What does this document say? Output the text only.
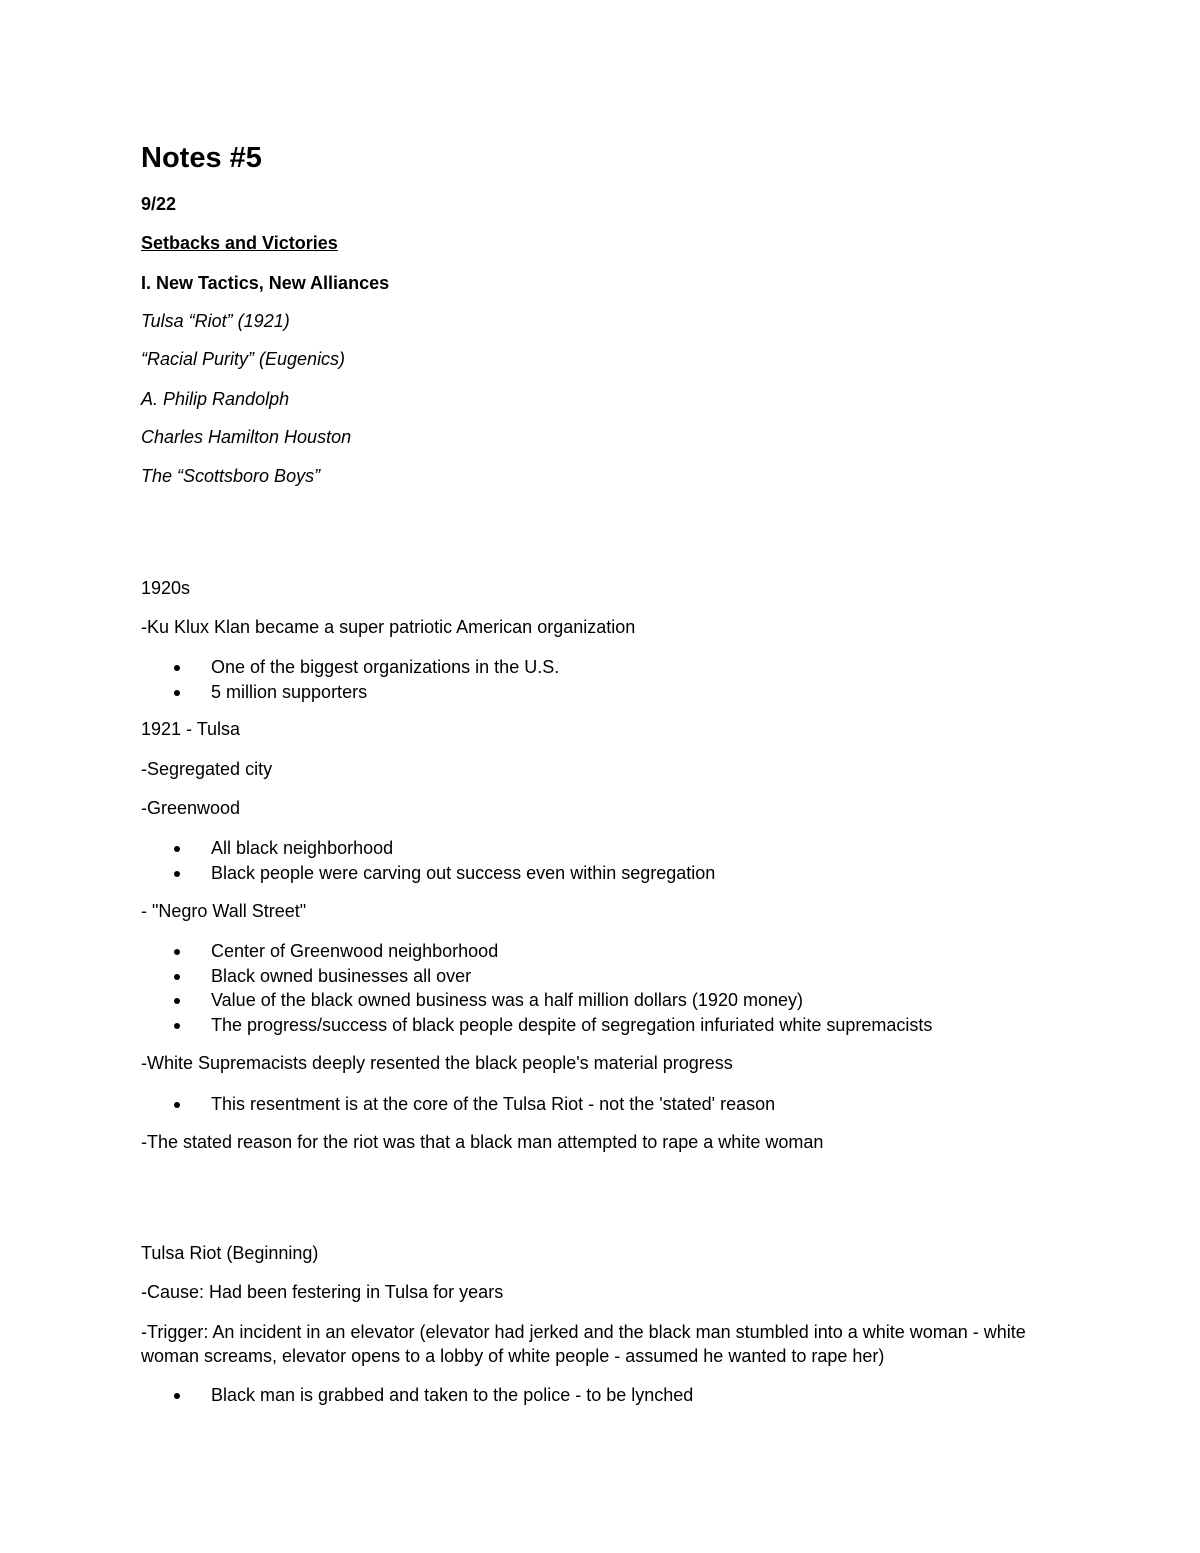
Notes #5
9/22
Setbacks and Victories
I. New Tactics, New Alliances
Tulsa “Riot” (1921)
“Racial Purity” (Eugenics)
A. Philip Randolph
Charles Hamilton Houston
The “Scottsboro Boys”
1920s
-Ku Klux Klan became a super patriotic American organization
One of the biggest organizations in the U.S.
5 million supporters
1921 - Tulsa
-Segregated city
-Greenwood
All black neighborhood
Black people were carving out success even within segregation
- "Negro Wall Street"
Center of Greenwood neighborhood
Black owned businesses all over
Value of the black owned business was a half million dollars (1920 money)
The progress/success of black people despite of segregation infuriated white supremacists
-White Supremacists deeply resented the black people's material progress
This resentment is at the core of the Tulsa Riot - not the 'stated' reason
-The stated reason for the riot was that a black man attempted to rape a white woman
Tulsa Riot (Beginning)
-Cause: Had been festering in Tulsa for years
-Trigger: An incident in an elevator (elevator had jerked and the black man stumbled into a white woman - white woman screams, elevator opens to a lobby of white people - assumed he wanted to rape her)
Black man is grabbed and taken to the police - to be lynched
